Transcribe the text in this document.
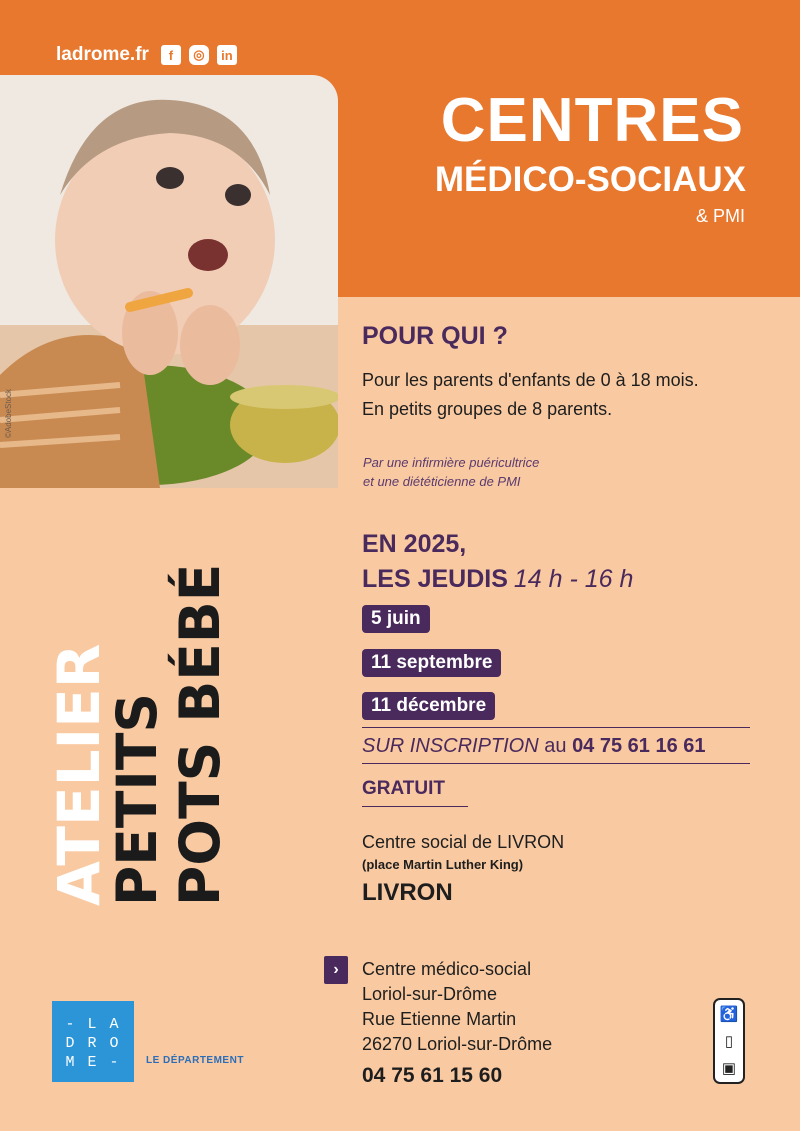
ladrome.fr	f	◎	in
©AdobeStock
CENTRES
MÉDICO-SOCIAUX
& PMI
ATELIER
PETITS POTS BÉBÉ
POUR QUI ?
Pour les parents d'enfants de 0 à 18 mois.
En petits groupes de 8 parents.
Par une infirmière puéricultrice
et une diététicienne de PMI
EN 2025,
LES JEUDIS 14 h - 16 h
5 juin
11 septembre
11 décembre
SUR INSCRIPTION au 04 75 61 16 61
GRATUIT
Centre social de LIVRON
(place Martin Luther King)
LIVRON
›	Centre médico-social
Loriol-sur-Drôme
Rue Etienne Martin
26270 Loriol-sur-Drôme
04 75 61 15 60
- L A
D R O
M E -	LE DÉPARTEMENT
♿
▯
▣
